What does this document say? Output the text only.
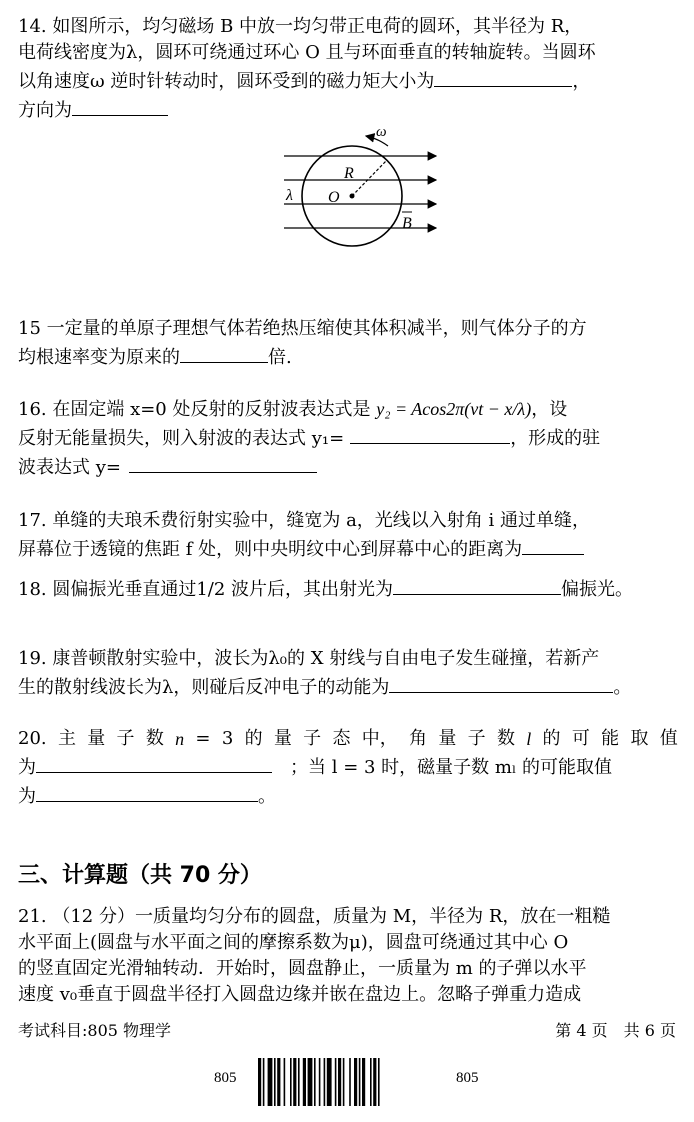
14. 如图所示，均匀磁场 B 中放一均匀带正电荷的圆环，其半径为 R，
电荷线密度为λ，圆环可绕通过环心 O 且与环面垂直的转轴旋转。当圆环
以角速度ω 逆时针转动时，圆环受到的磁力矩大小为	，
方向为
ω
R
O
λ
B
15 一定量的单原子理想气体若绝热压缩使其体积减半，则气体分子的方
均根速率变为原来的	倍.
16. 在固定端 x=0 处反射的反射波表达式是 y₂ = Acos2π(νt − x/λ)，设
反射无能量损失，则入射波的表达式 y₁=	，形成的驻
波表达式 y=
17. 单缝的夫琅禾费衍射实验中，缝宽为 a，光线以入射角 i 通过单缝，
屏幕位于透镜的焦距 f 处，则中央明纹中心到屏幕中心的距离为
18. 圆偏振光垂直通过1/2 波片后，其出射光为	偏振光。
19. 康普顿散射实验中，波长为λ₀的 X 射线与自由电子发生碰撞，若新产
生的散射线波长为λ，则碰后反冲电子的动能为	。
20. 主 量 子 数 n = 3 的 量 子 态 中， 角 量 子 数 l 的 可 能 取 值
为	；当 l = 3 时，磁量子数 mₗ 的可能取值
为	。
三、计算题（共 70 分）
21. （12 分）一质量均匀分布的圆盘，质量为 M，半径为 R，放在一粗糙
水平面上(圆盘与水平面之间的摩擦系数为μ)，圆盘可绕通过其中心 O
的竖直固定光滑轴转动．开始时，圆盘静止，一质量为 m 的子弹以水平
速度 v₀垂直于圆盘半径打入圆盘边缘并嵌在盘边上。忽略子弹重力造成
考试科目:805 物理学	第 4 页　共 6 页
805	805
